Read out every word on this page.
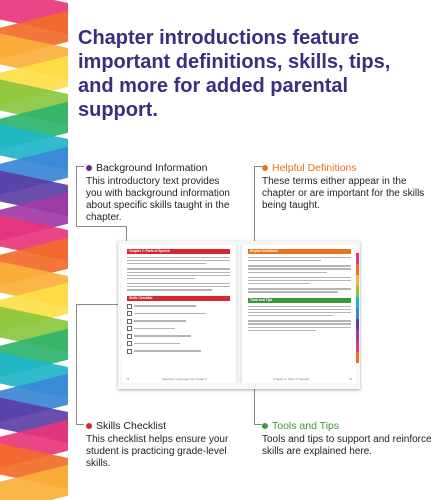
Chapter introductions feature important definitions, skills, tips, and more for added parental support.
Background Information
This introductory text provides you with background information about specific skills taught in the chapter.
Helpful Definitions
These terms either appear in the chapter or are important for the skills being taught.
Skills Checklist
This checklist helps ensure your student is practicing grade-level skills.
Tools and Tips
Tools and tips to support and reinforce skills are explained here.
Chapter 2: Parts of Speech
Skills Checklist
74	Spectrum Language Arts Grade 3
Helpful Definitions
Tools and Tips
Chapter 2: Parts of Speech	75
